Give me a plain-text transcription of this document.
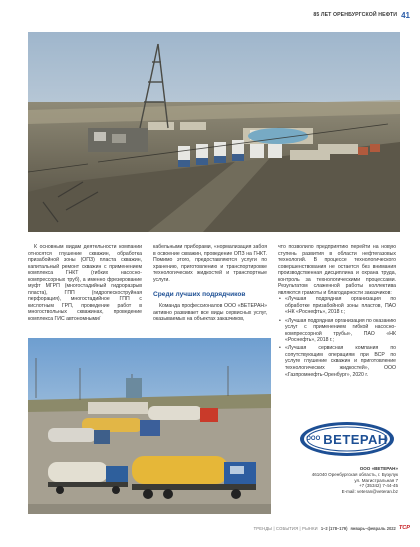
85 ЛЕТ ОРЕНБУРГСКОЙ НЕФТИ 41

К основным видам деятельности компании относятся глушение скважин, обработка призабойной зоны (ОПЗ) пласта скважин, капитальный ремонт скважин с применением комплекса ГНКТ (гибких насосно-компрессорных труб), а именно фрезерование муфт МГРП (многостадийный гидроразрыв пласта), ГПП (гидропескоструйная перфорация), многостадийное ГПП с кислотным ГРП, проведение работ в многоствольных скважинах, проведение комплекса ГИС автономными/

кабельными приборами, «нормализация забоя в освоение скважин, проведение ОПЗ на ГНКТ. Помимо этого, предоставляются услуги по хранению, приготовлению и транспортировке технологических жидкостей и транспортные услуги.

Среди лучших подрядчиков

Команда профессионалов ООО «ВЕТЕРАН» активно развивает все виды сервисных услуг, оказываемых на объектах заказчиков,

что позволило предприятию перейти на новую ступень развития в области нефтегазовых технологий. В процессе технологического совершенствования не остается без внимания производственная дисциплина и охрана труда, контроль за технологическими процессами. Результатом слаженной работы коллектива являются грамоты и благодарности заказчиков:

• «Лучшая подрядная организация по обработке призабойной зоны пластов, ПАО «НК «Роснефть», 2018 г.;
• «Лучшая подрядная организация по оказанию услуг с применением гибкой насосно-компрессорной трубы», ПАО «НК «Роснефть», 2018 г.;
• «Лучшая сервисная компания по сопутствующим операциям при ВСР по услуге глушение скважин и приготовление технологических жидкостей», ООО «Газпромнефть-Оренбург», 2020 г.
ООО ВЕТЕРАН
ООО «ВЕТЕРАН»
461040 Оренбургская область, г. Бузулук
ул. Магистральная 7
+7 (35342) 7-44-45
E-mail: veteran@veteran.bz
ТРЕНДЫ | СОБЫТИЯ | РЫНКИ 1–2 (178–179) январь–февраль 2022 ТСР
